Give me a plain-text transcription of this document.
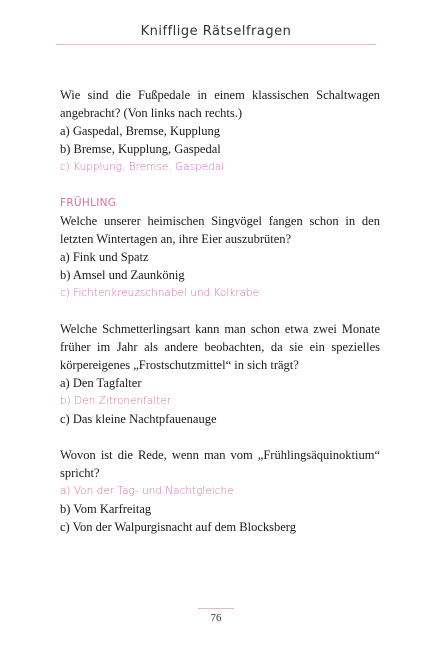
Knifflige Rätselfragen

Wie sind die Fußpedale in einem klassischen Schaltwagen angebracht? (Von links nach rechts.)

a) Gaspedal, Bremse, Kupplung

b) Bremse, Kupplung, Gaspedal

c) Kupplung, Bremse, Gaspedal

FRÜHLING

Welche unserer heimischen Singvögel fangen schon in den letzten Wintertagen an, ihre Eier auszubrüten?

a) Fink und Spatz

b) Amsel und Zaunkönig

c) Fichtenkreuzschnabel und Kolkrabe

Welche Schmetterlingsart kann man schon etwa zwei Monate früher im Jahr als andere beobachten, da sie ein spezielles körpereigenes „Frostschutzmittel“ in sich trägt?

a) Den Tagfalter

b) Den Zitronenfalter

c) Das kleine Nachtpfauenauge

Wovon ist die Rede, wenn man vom „Frühlingsäquinoktium“ spricht?

a) Von der Tag- und Nachtgleiche

b) Vom Karfreitag

c) Von der Walpurgisnacht auf dem Blocksberg

76
